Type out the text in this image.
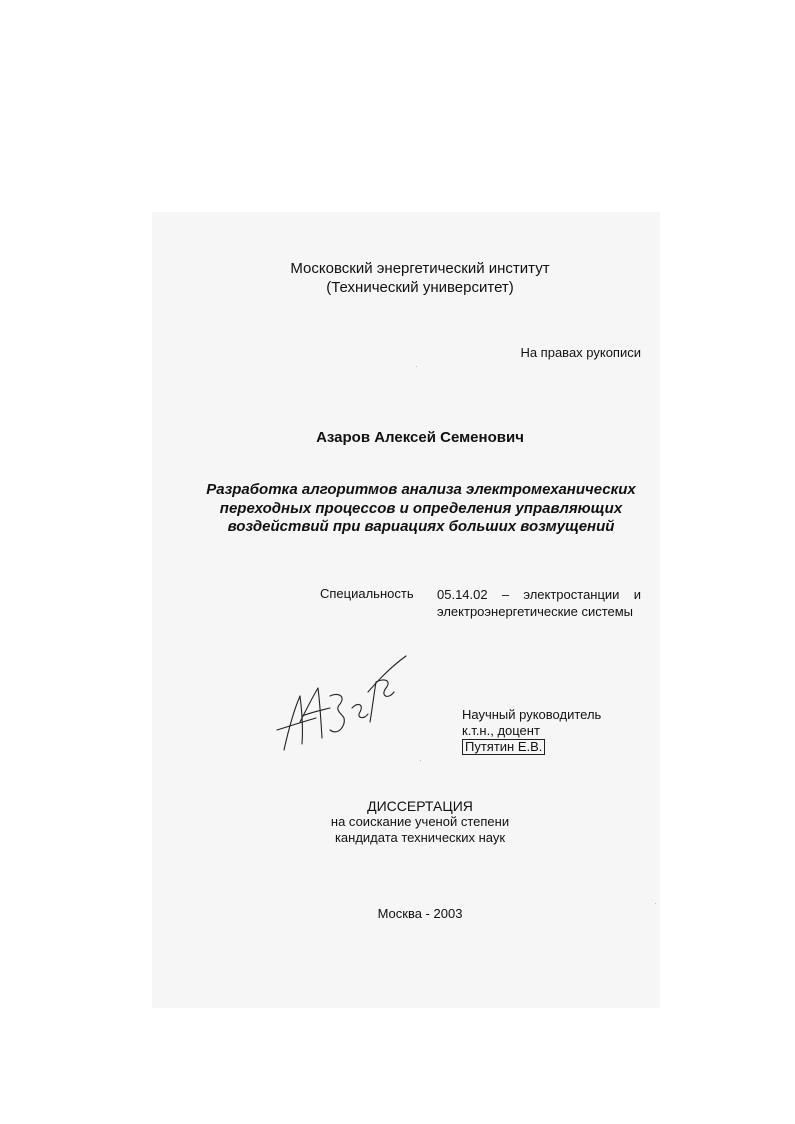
Московский энергетический институт
(Технический университет)
На правах рукописи
Азаров Алексей Семенович
Разработка алгоритмов анализа электромеханических
переходных процессов и определения управляющих
воздействий при вариациях больших возмущений
Специальность 05.14.02 – электростанции и
электроэнергетические системы
Научный руководитель
к.т.н., доцент
Путятин Е.В.
ДИССЕРТАЦИЯ
на соискание ученой степени
кандидата технических наук
Москва - 2003
